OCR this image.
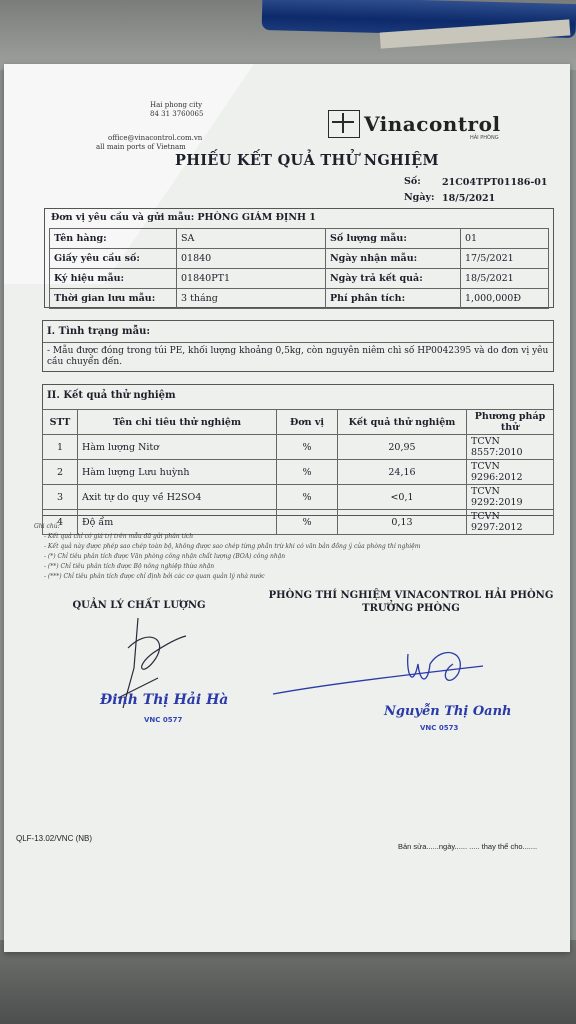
Hai phong city
84 31 3760065
office@vinacontrol.com.vn
all main ports of Vietnam
Vinacontrol
HẢI PHÒNG
PHIẾU KẾT QUẢ THỬ NGHIỆM
Số: 21C04TPT01186-01
Ngày: 18/5/2021
Đơn vị yêu cầu và gửi mẫu: PHÒNG GIÁM ĐỊNH 1
Tên hàng:	SA	Số lượng mẫu:	01
Giấy yêu cầu số:	01840	Ngày nhận mẫu:	17/5/2021
Ký hiệu mẫu:	01840PT1	Ngày trả kết quả:	18/5/2021
Thời gian lưu mẫu:	3 tháng	Phí phân tích:	1,000,000Đ
I. Tình trạng mẫu:
- Mẫu được đóng trong túi PE, khối lượng khoảng 0,5kg, còn nguyên niêm chì số HP0042395 và do đơn vị yêu cầu chuyển đến.
II. Kết quả thử nghiệm
STT	Tên chỉ tiêu thử nghiệm	Đơn vị	Kết quả thử nghiệm	Phương pháp thử
1	Hàm lượng Nitơ	%	20,95	TCVN 8557:2010
2	Hàm lượng Lưu huỳnh	%	24,16	TCVN 9296:2012
3	Axit tự do quy về H2SO4	%	<0,1	TCVN 9292:2019
4	Độ ẩm	%	0,13	TCVN 9297:2012
Ghi chú:
- Kết quả chỉ có giá trị trên mẫu đã gửi phân tích
- Kết quả này được phép sao chép toàn bộ, không được sao chép từng phần trừ khi có văn bản đồng ý của phòng thí nghiệm
- (*) Chỉ tiêu phân tích được Văn phòng công nhận chất lượng (BOA) công nhận
- (**) Chỉ tiêu phân tích được Bộ nông nghiệp thừa nhận
- (***) Chỉ tiêu phân tích được chỉ định bởi các cơ quan quản lý nhà nước
QUẢN LÝ CHẤT LƯỢNG
PHÒNG THÍ NGHIỆM VINACONTROL HẢI PHÒNG
TRƯỞNG PHÒNG
Đinh Thị Hải Hà
VNC 0577
Nguyễn Thị Oanh
VNC 0573
QLF-13.02/VNC (NB)
Bản sửa......ngày...... ..... thay thế cho.......
